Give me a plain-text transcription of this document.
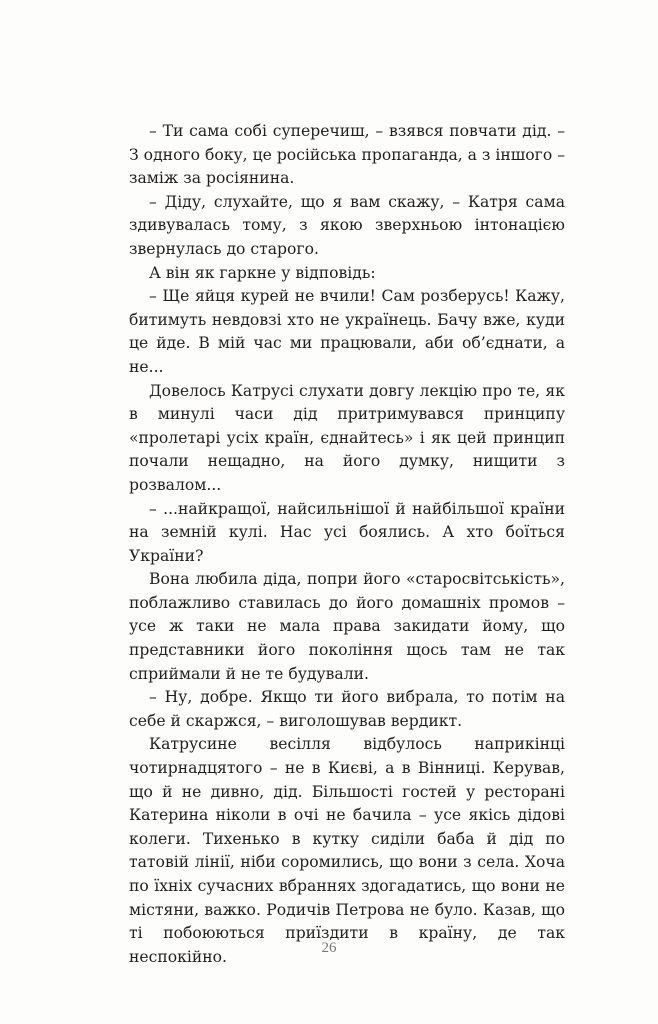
– Ти сама собі суперечиш, – взявся повчати дід. – З одного боку, це російська пропаганда, а з іншого – заміж за росіянина.

– Діду, слухайте, що я вам скажу, – Катря сама здивувалась тому, з якою зверхньою інтонацією звернулась до старого.

А він як гаркне у відповідь:

– Ще яйця курей не вчили! Сам розберусь! Кажу, битимуть невдовзі хто не українець. Бачу вже, куди це йде. В мій час ми працювали, аби об’єднати, а не...

Довелось Катрусі слухати довгу лекцію про те, як в минулі часи дід притримувався принципу «пролетарі усіх країн, єднайтесь» і як цей принцип почали нещадно, на його думку, нищити з розвалом...

– ...найкращої, найсильнішої й найбільшої країни на земній кулі. Нас усі боялись. А хто боїться України?

Вона любила діда, попри його «старосвітськість», поблажливо ставилась до його домашніх промов – усе ж таки не мала права закидати йому, що представники його покоління щось там не так сприймали й не те будували.

– Ну, добре. Якщо ти його вибрала, то потім на себе й скаржся, – виголошував вердикт.

Катрусине весілля відбулось наприкінці чотирнадцятого – не в Києві, а в Вінниці. Керував, що й не дивно, дід. Більшості гостей у ресторані Катерина ніколи в очі не бачила – усе якісь дідові колеги. Тихенько в кутку сиділи баба й дід по татовій лінії, ніби соромились, що вони з села. Хоча по їхніх сучасних вбраннях здогадатись, що вони не містяни, важко. Родичів Петрова не було. Казав, що ті побоюються приїздити в країну, де так неспокійно.	26
